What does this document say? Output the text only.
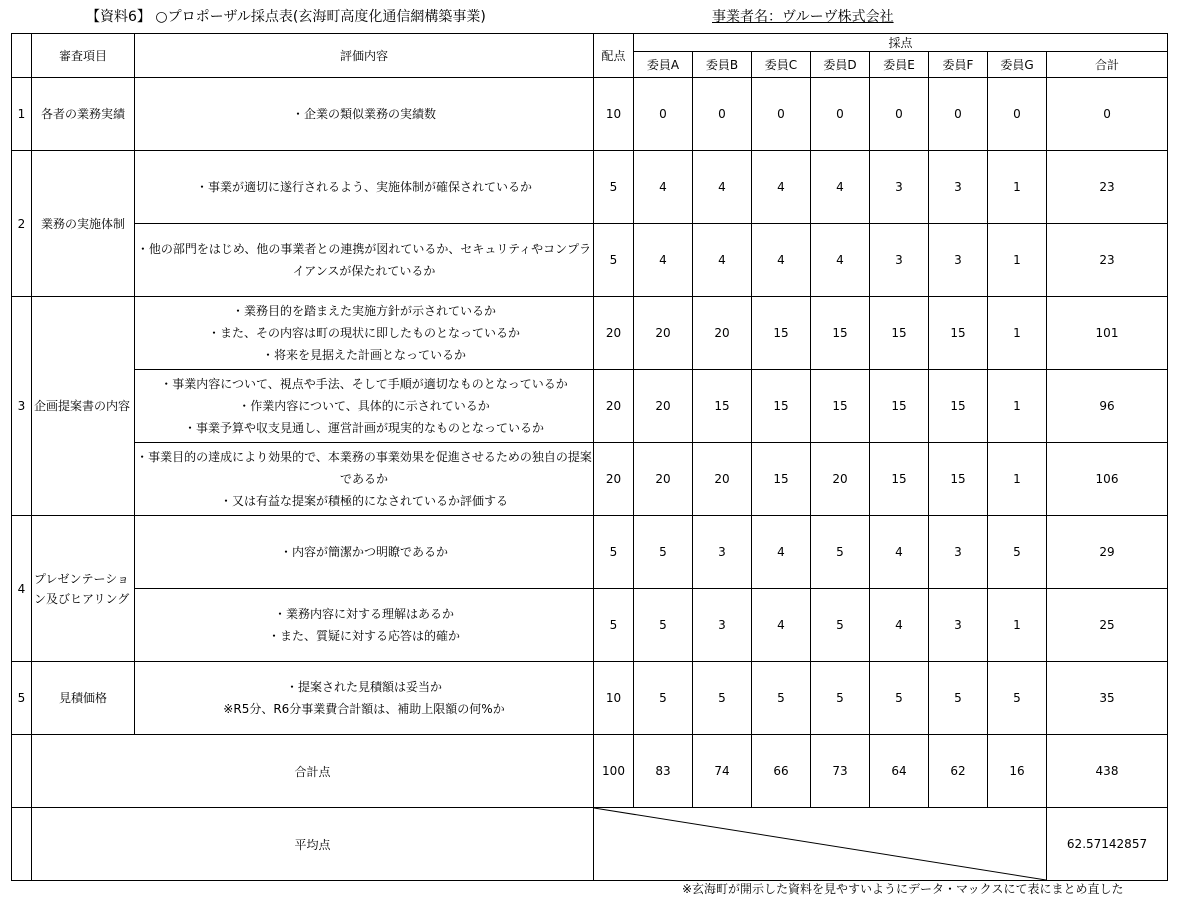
【資料6】 ○プロポーザル採点表(玄海町高度化通信網構築事業)	事業者名：ヴルーヴ株式会社
	審査項目	評価内容	配点	採点							
				委員A	委員B	委員C	委員D	委員E	委員F	委員G	合計
1	各者の業務実績	・企業の類似業務の実績数	10	0	0	0	0	0	0	0	0
2	業務の実施体制	・事業が適切に遂行されるよう、実施体制が確保されているか	5	4	4	4	4	3	3	1	23

		・他の部門をはじめ、他の事業者との連携が図れているか、セキュリティやコンプライアンスが保たれているか	5	4	4	4	4	3	3	1	23
3	企画提案書の内容	・業務目的を踏まえた実施方針が示されているか
・また、その内容は町の現状に即したものとなっているか
・将来を見据えた計画となっているか	20	20	20	15	15	15	15	1	101

		・事業内容について、視点や手法、そして手順が適切なものとなっているか
・作業内容について、具体的に示されているか
・事業予算や収支見通し、運営計画が現実的なものとなっているか	20	20	15	15	15	15	15	1	96

		・事業目的の達成により効果的で、本業務の事業効果を促進させるための独自の提案であるか
・又は有益な提案が積極的になされているか評価する	20	20	20	15	20	15	15	1	106
4	プレゼンテーション及びヒアリング	・内容が簡潔かつ明瞭であるか	5	5	3	4	5	4	3	5	29

		・業務内容に対する理解はあるか
・また、質疑に対する応答は的確か	5	5	3	4	5	4	3	1	25
5	見積価格	・提案された見積額は妥当か
※R5分、R6分事業費合計額は、補助上限額の何%か	10	5	5	5	5	5	5	5	35
	合計点		100	83	74	66	73	64	62	16	438
	平均点										62.57142857
※玄海町が開示した資料を見やすいようにデータ・マックスにて表にまとめ直した
